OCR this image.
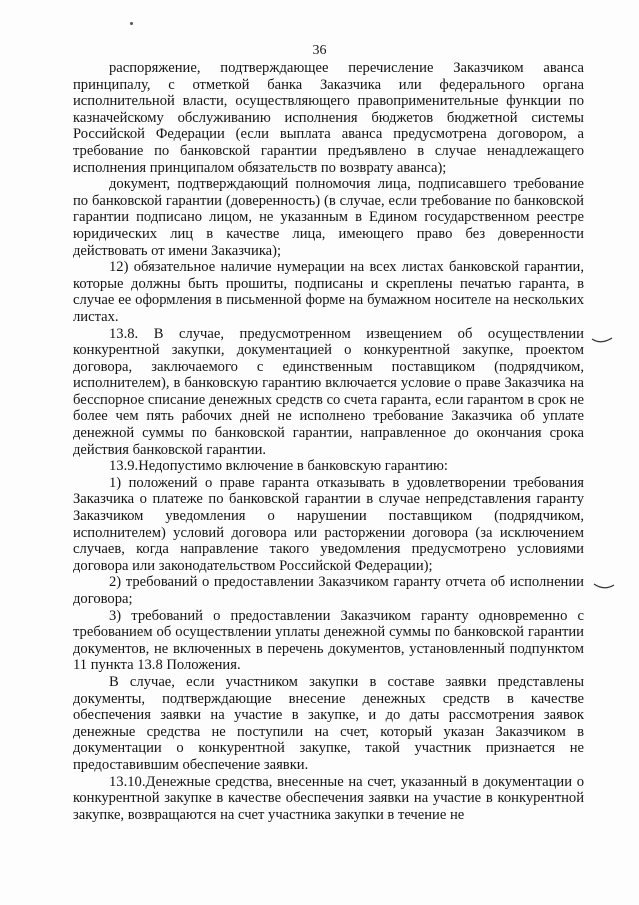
36

распоряжение, подтверждающее перечисление Заказчиком аванса принципалу, с отметкой банка Заказчика или федерального органа исполнительной власти, осуществляющего правоприменительные функции по казначейскому обслуживанию исполнения бюджетов бюджетной системы Российской Федерации (если выплата аванса предусмотрена договором, а требование по банковской гарантии предъявлено в случае ненадлежащего исполнения принципалом обязательств по возврату аванса);

документ, подтверждающий полномочия лица, подписавшего требование по банковской гарантии (доверенность) (в случае, если требование по банковской гарантии подписано лицом, не указанным в Едином государственном реестре юридических лиц в качестве лица, имеющего право без доверенности действовать от имени Заказчика);

12) обязательное наличие нумерации на всех листах банковской гарантии, которые должны быть прошиты, подписаны и скреплены печатью гаранта, в случае ее оформления в письменной форме на бумажном носителе на нескольких листах.

13.8. В случае, предусмотренном извещением об осуществлении конкурентной закупки, документацией о конкурентной закупке, проектом договора, заключаемого с единственным поставщиком (подрядчиком, исполнителем), в банковскую гарантию включается условие о праве Заказчика на бесспорное списание денежных средств со счета гаранта, если гарантом в срок не более чем пять рабочих дней не исполнено требование Заказчика об уплате денежной суммы по банковской гарантии, направленное до окончания срока действия банковской гарантии.

13.9.Недопустимо включение в банковскую гарантию:

1) положений о праве гаранта отказывать в удовлетворении требования Заказчика о платеже по банковской гарантии в случае непредставления гаранту Заказчиком уведомления о нарушении поставщиком (подрядчиком, исполнителем) условий договора или расторжении договора (за исключением случаев, когда направление такого уведомления предусмотрено условиями договора или законодательством Российской Федерации);

2) требований о предоставлении Заказчиком гаранту отчета об исполнении договора;

3) требований о предоставлении Заказчиком гаранту одновременно с требованием об осуществлении уплаты денежной суммы по банковской гарантии документов, не включенных в перечень документов, установленный подпунктом 11 пункта 13.8 Положения.

В случае, если участником закупки в составе заявки представлены документы, подтверждающие внесение денежных средств в качестве обеспечения заявки на участие в закупке, и до даты рассмотрения заявок денежные средства не поступили на счет, который указан Заказчиком в документации о конкурентной закупке, такой участник признается не предоставившим обеспечение заявки.

13.10.Денежные средства, внесенные на счет, указанный в документации о конкурентной закупке в качестве обеспечения заявки на участие в конкурентной закупке, возвращаются на счет участника закупки в течение не
